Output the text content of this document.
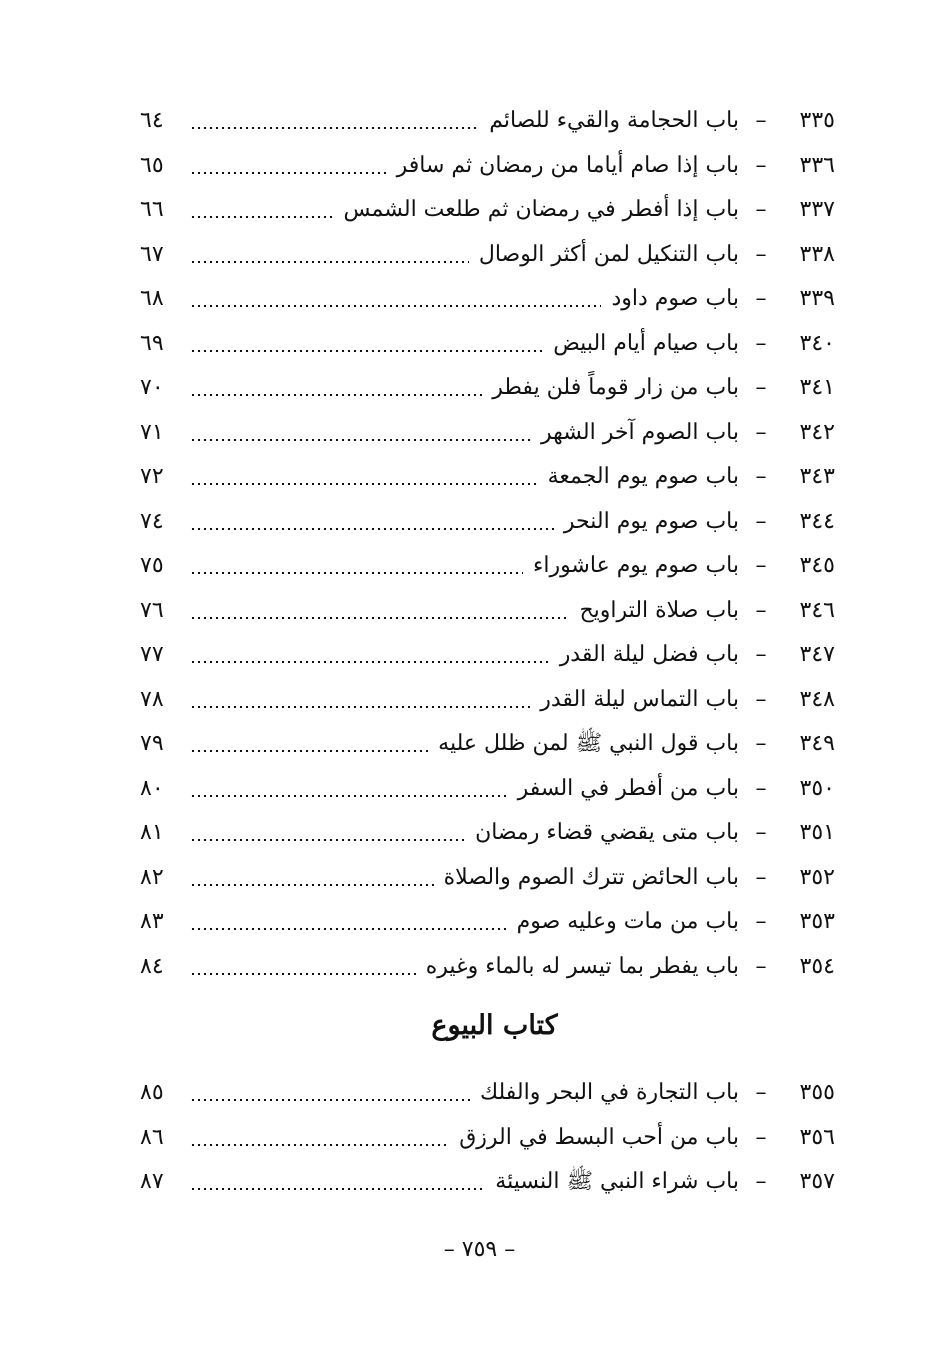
٣٣٥
–
باب الحجامة والقيء للصائم
٦٤
٣٣٦
–
باب إذا صام أياما من رمضان ثم سافر
٦٥
٣٣٧
–
باب إذا أفطر في رمضان ثم طلعت الشمس
٦٦
٣٣٨
–
باب التنكيل لمن أكثر الوصال
٦٧
٣٣٩
–
باب صوم داود
٦٨
٣٤٠
–
باب صيام أيام البيض
٦٩
٣٤١
–
باب من زار قوماً فلن يفطر
٧٠
٣٤٢
–
باب الصوم آخر الشهر
٧١
٣٤٣
–
باب صوم يوم الجمعة
٧٢
٣٤٤
–
باب صوم يوم النحر
٧٤
٣٤٥
–
باب صوم يوم عاشوراء
٧٥
٣٤٦
–
باب صلاة التراويح
٧٦
٣٤٧
–
باب فضل ليلة القدر
٧٧
٣٤٨
–
باب التماس ليلة القدر
٧٨
٣٤٩
–
باب قول النبي ﷺ لمن ظلل عليه
٧٩
٣٥٠
–
باب من أفطر في السفر
٨٠
٣٥١
–
باب متى يقضي قضاء رمضان
٨١
٣٥٢
–
باب الحائض تترك الصوم والصلاة
٨٢
٣٥٣
–
باب من مات وعليه صوم
٨٣
٣٥٤
–
باب يفطر بما تيسر له بالماء وغيره
٨٤
كتاب البيوع
٣٥٥
–
باب التجارة في البحر والفلك
٨٥
٣٥٦
–
باب من أحب البسط في الرزق
٨٦
٣٥٧
–
باب شراء النبي ﷺ النسيئة
٨٧
– ٧٥٩ –
